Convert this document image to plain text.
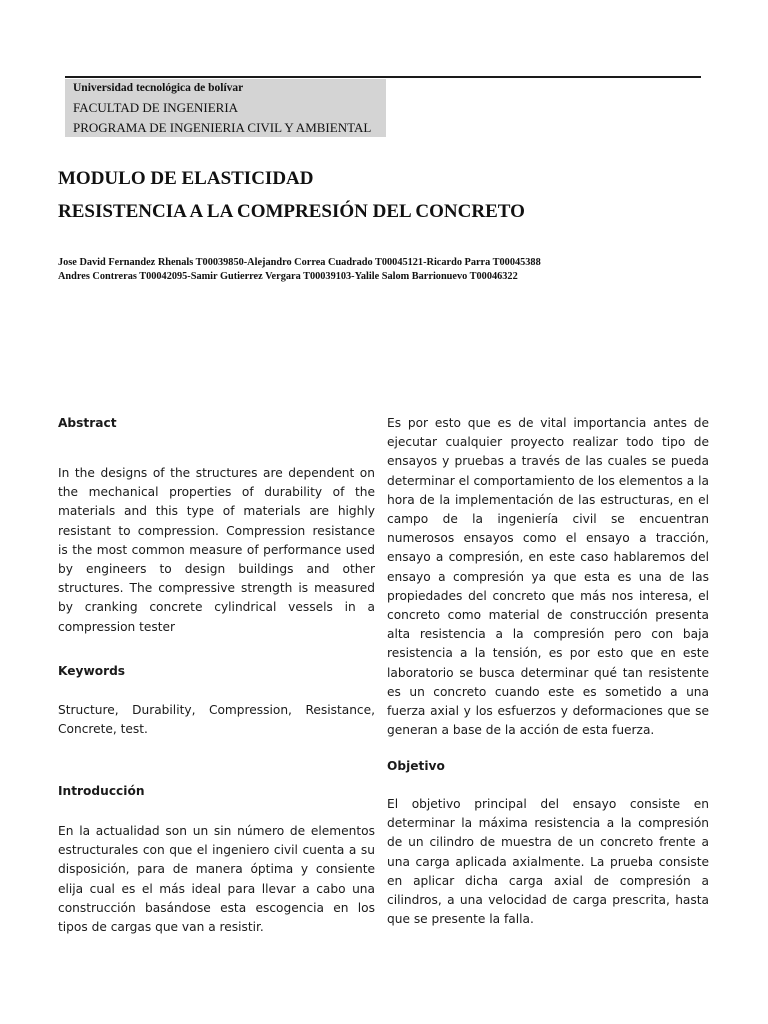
Universidad tecnológica de bolívar
FACULTAD DE INGENIERIA
PROGRAMA DE INGENIERIA CIVIL Y AMBIENTAL
MODULO DE ELASTICIDAD
RESISTENCIA A LA COMPRESIÓN DEL CONCRETO
Jose David Fernandez Rhenals T00039850-Alejandro Correa Cuadrado T00045121-Ricardo Parra T00045388
Andres Contreras T00042095-Samir Gutierrez Vergara T00039103-Yalile Salom Barrionuevo T00046322
Abstract
In the designs of the structures are dependent on the mechanical properties of durability of the materials and this type of materials are highly resistant to compression. Compression resistance is the most common measure of performance used by engineers to design buildings and other structures. The compressive strength is measured by cranking concrete cylindrical vessels in a compression tester
Keywords
Structure, Durability, Compression, Resistance, Concrete, test.
Introducción
En la actualidad son un sin número de elementos estructurales con que el ingeniero civil cuenta a su disposición, para de manera óptima y consiente elija cual es el más ideal para llevar a cabo una construcción basándose esta escogencia en los tipos de cargas que van a resistir.
Es por esto que es de vital importancia antes de ejecutar cualquier proyecto realizar todo tipo de ensayos y pruebas a través de las cuales se pueda determinar el comportamiento de los elementos a la hora de la implementación de las estructuras, en el campo de la ingeniería civil se encuentran numerosos ensayos como el ensayo a tracción, ensayo a compresión, en este caso hablaremos del ensayo a compresión ya que esta es una de las propiedades del concreto que más nos interesa, el concreto como material de construcción presenta alta resistencia a la compresión pero con baja resistencia a la tensión, es por esto que en este laboratorio se busca determinar qué tan resistente es un concreto cuando este es sometido a una fuerza axial y los esfuerzos y deformaciones que se generan a base de la acción de esta fuerza.
Objetivo
El objetivo principal del ensayo consiste en determinar la máxima resistencia a la compresión de un cilindro de muestra de un concreto frente a una carga aplicada axialmente. La prueba consiste en aplicar dicha carga axial de compresión a cilindros, a una velocidad de carga prescrita, hasta que se presente la falla.
